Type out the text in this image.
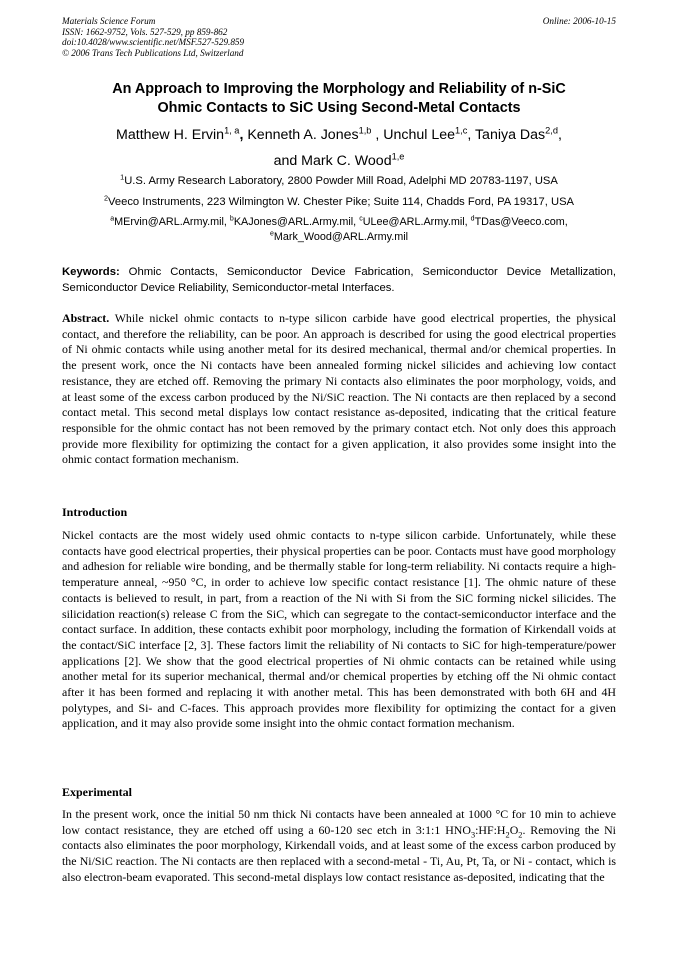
Materials Science Forum
ISSN: 1662-9752, Vols. 527-529, pp 859-862
doi:10.4028/www.scientific.net/MSF.527-529.859
© 2006 Trans Tech Publications Ltd, Switzerland
Online: 2006-10-15
An Approach to Improving the Morphology and Reliability of n-SiC
Ohmic Contacts to SiC Using Second-Metal Contacts
Matthew H. Ervin$^{1, a}$, Kenneth A. Jones$^{1,b}$ , Unchul Lee$^{1,c}$, Taniya Das$^{2,d}$,
and Mark C. Wood$^{1,e}$
$^1$U.S. Army Research Laboratory, 2800 Powder Mill Road, Adelphi MD 20783-1197, USA
$^2$Veeco Instruments, 223 Wilmington W. Chester Pike; Suite 114, Chadds Ford, PA 19317, USA
$^a$MErvin@ARL.Army.mil, $^b$KAJones@ARL.Army.mil, $^c$ULee@ARL.Army.mil, $^d$TDas@Veeco.com,
$^e$Mark_Wood@ARL.Army.mil
Keywords: Ohmic Contacts, Semiconductor Device Fabrication, Semiconductor Device Metallization, Semiconductor Device Reliability, Semiconductor-metal Interfaces.
Abstract. While nickel ohmic contacts to n-type silicon carbide have good electrical properties, the physical contact, and therefore the reliability, can be poor. An approach is described for using the good electrical properties of Ni ohmic contacts while using another metal for its desired mechanical, thermal and/or chemical properties. In the present work, once the Ni contacts have been annealed forming nickel silicides and achieving low contact resistance, they are etched off. Removing the primary Ni contacts also eliminates the poor morphology, voids, and at least some of the excess carbon produced by the Ni/SiC reaction. The Ni contacts are then replaced by a second contact metal. This second metal displays low contact resistance as-deposited, indicating that the critical feature responsible for the ohmic contact has not been removed by the primary contact etch. Not only does this approach provide more flexibility for optimizing the contact for a given application, it also provides some insight into the ohmic contact formation mechanism.
Introduction
Nickel contacts are the most widely used ohmic contacts to n-type silicon carbide. Unfortunately, while these contacts have good electrical properties, their physical properties can be poor. Contacts must have good morphology and adhesion for reliable wire bonding, and be thermally stable for long-term reliability. Ni contacts require a high-temperature anneal, ~950 °C, in order to achieve low specific contact resistance [1]. The ohmic nature of these contacts is believed to result, in part, from a reaction of the Ni with Si from the SiC forming nickel silicides. The silicidation reaction(s) release C from the SiC, which can segregate to the contact-semiconductor interface and the contact surface. In addition, these contacts exhibit poor morphology, including the formation of Kirkendall voids at the contact/SiC interface [2, 3]. These factors limit the reliability of Ni contacts to SiC for high-temperature/power applications [2]. We show that the good electrical properties of Ni ohmic contacts can be retained while using another metal for its superior mechanical, thermal and/or chemical properties by etching off the Ni ohmic contact after it has been formed and replacing it with another metal. This has been demonstrated with both 6H and 4H polytypes, and Si- and C-faces. This approach provides more flexibility for optimizing the contact for a given application, and it may also provide some insight into the ohmic contact formation mechanism.
Experimental
In the present work, once the initial 50 nm thick Ni contacts have been annealed at 1000 °C for 10 min to achieve low contact resistance, they are etched off using a 60-120 sec etch in 3:1:1 $HNO_3:HF:H_2O_2$. Removing the Ni contacts also eliminates the poor morphology, Kirkendall voids, and at least some of the excess carbon produced by the Ni/SiC reaction. The Ni contacts are then replaced with a second-metal - Ti, Au, Pt, Ta, or Ni - contact, which is also electron-beam evaporated. This second-metal displays low contact resistance as-deposited, indicating that the
